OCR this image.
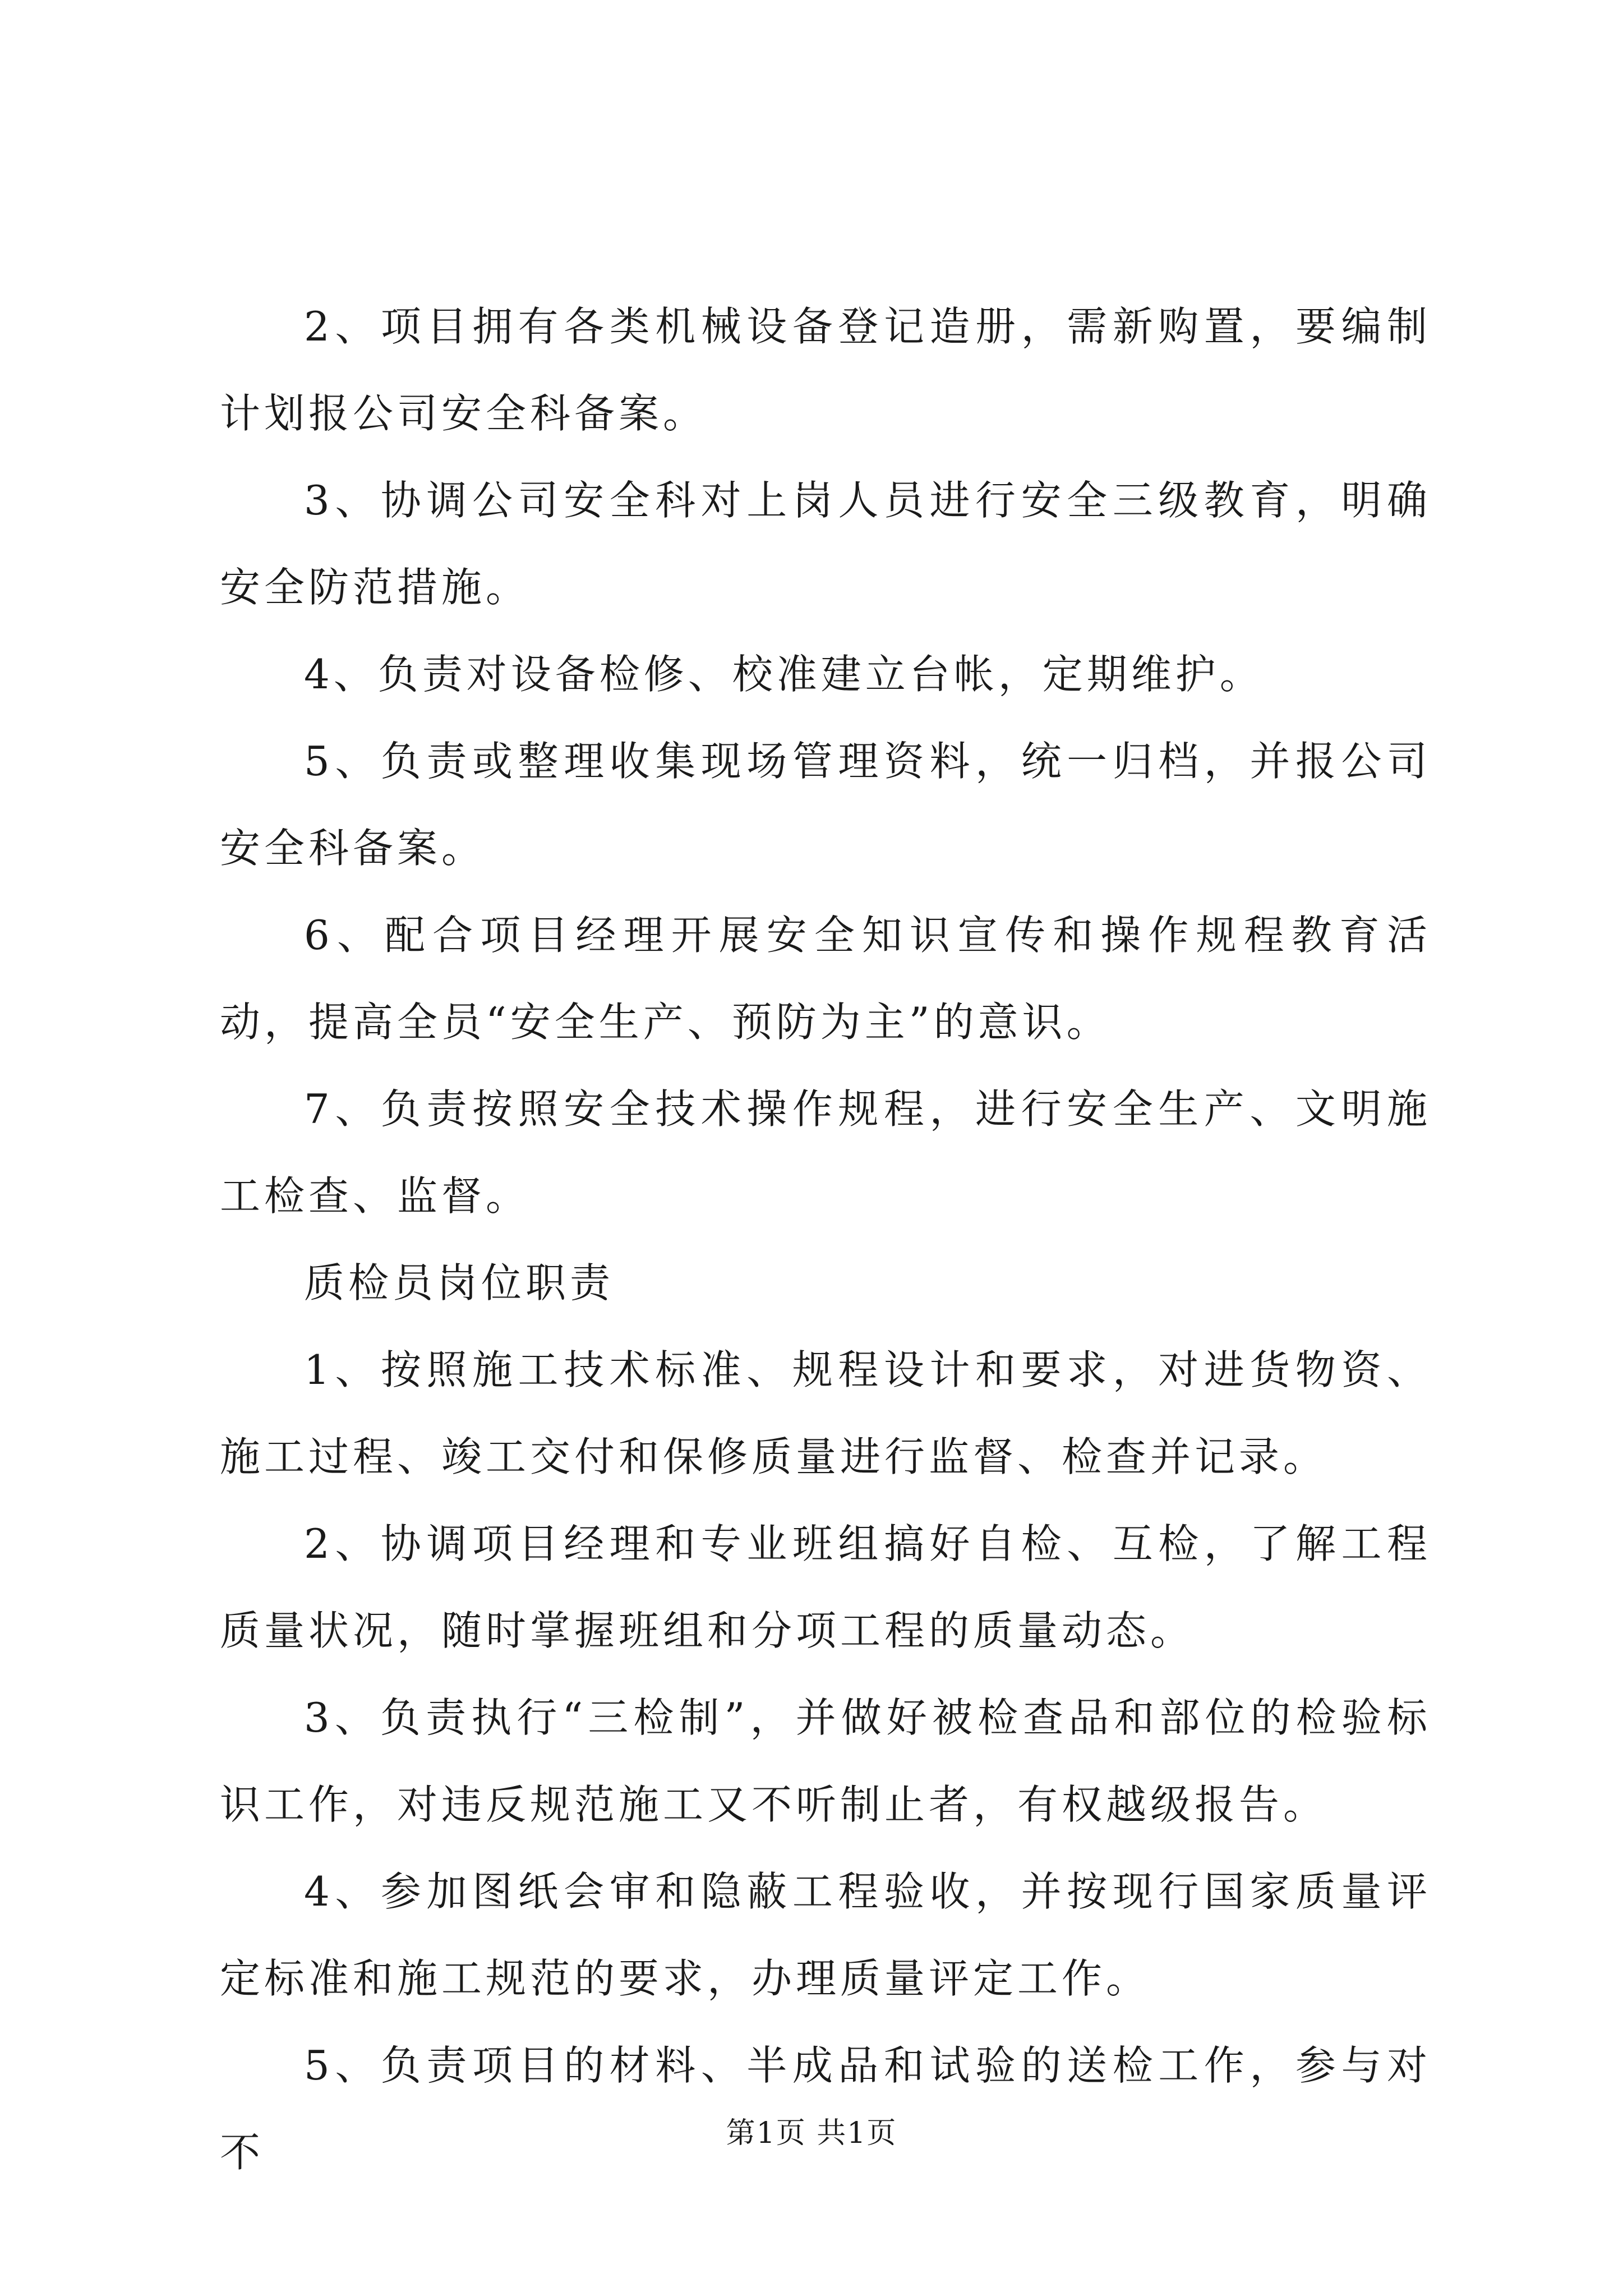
2、项目拥有各类机械设备登记造册，需新购置，要编制计划报公司安全科备案。

3、协调公司安全科对上岗人员进行安全三级教育，明确安全防范措施。

4、负责对设备检修、校准建立台帐，定期维护。

5、负责或整理收集现场管理资料，统一归档，并报公司安全科备案。

6、配合项目经理开展安全知识宣传和操作规程教育活动，提高全员“安全生产、预防为主”的意识。

7、负责按照安全技术操作规程，进行安全生产、文明施工检查、监督。

质检员岗位职责

1、按照施工技术标准、规程设计和要求，对进货物资、施工过程、竣工交付和保修质量进行监督、检查并记录。

2、协调项目经理和专业班组搞好自检、互检，了解工程质量状况，随时掌握班组和分项工程的质量动态。

3、负责执行“三检制”，并做好被检查品和部位的检验标识工作，对违反规范施工又不听制止者，有权越级报告。

4、参加图纸会审和隐蔽工程验收，并按现行国家质量评定标准和施工规范的要求，办理质量评定工作。

5、负责项目的材料、半成品和试验的送检工作，参与对不	第1页 共1页
